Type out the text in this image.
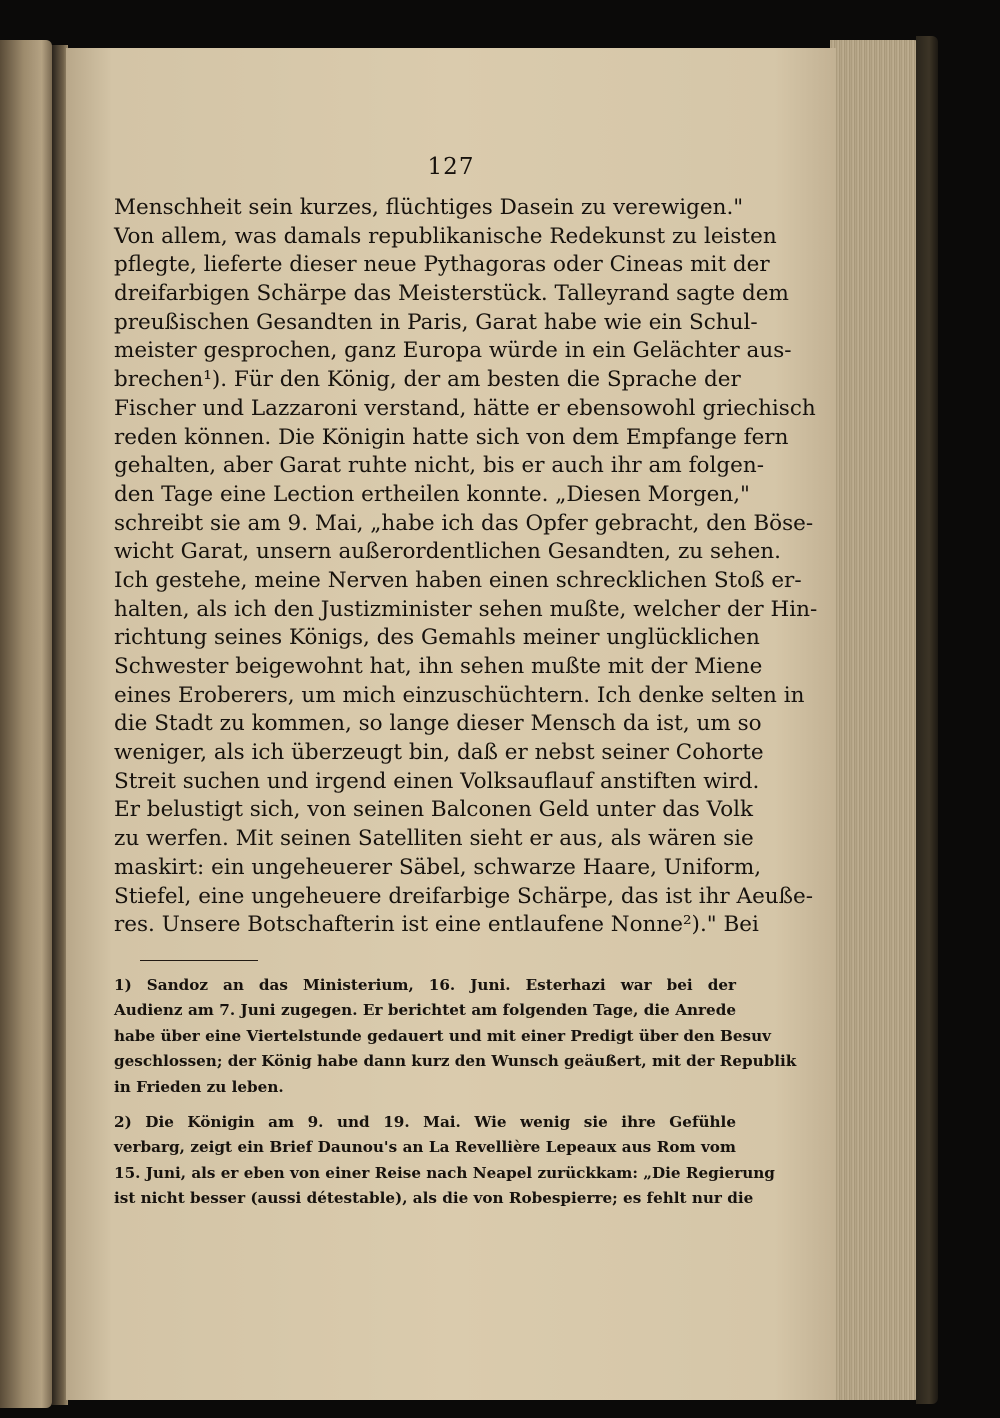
127
Menschheit sein kurzes, flüchtiges Dasein zu verewigen."
Von allem, was damals republikanische Redekunst zu leisten
pflegte, lieferte dieser neue Pythagoras oder Cineas mit der
dreifarbigen Schärpe das Meisterstück. Talleyrand sagte dem
preußischen Gesandten in Paris, Garat habe wie ein Schul-
meister gesprochen, ganz Europa würde in ein Gelächter aus-
brechen¹). Für den König, der am besten die Sprache der
Fischer und Lazzaroni verstand, hätte er ebensowohl griechisch
reden können. Die Königin hatte sich von dem Empfange fern
gehalten, aber Garat ruhte nicht, bis er auch ihr am folgen-
den Tage eine Lection ertheilen konnte. „Diesen Morgen,"
schreibt sie am 9. Mai, „habe ich das Opfer gebracht, den Böse-
wicht Garat, unsern außerordentlichen Gesandten, zu sehen.
Ich gestehe, meine Nerven haben einen schrecklichen Stoß er-
halten, als ich den Justizminister sehen mußte, welcher der Hin-
richtung seines Königs, des Gemahls meiner unglücklichen
Schwester beigewohnt hat, ihn sehen mußte mit der Miene
eines Eroberers, um mich einzuschüchtern. Ich denke selten in
die Stadt zu kommen, so lange dieser Mensch da ist, um so
weniger, als ich überzeugt bin, daß er nebst seiner Cohorte
Streit suchen und irgend einen Volksauflauf anstiften wird.
Er belustigt sich, von seinen Balconen Geld unter das Volk
zu werfen. Mit seinen Satelliten sieht er aus, als wären sie
maskirt: ein ungeheuerer Säbel, schwarze Haare, Uniform,
Stiefel, eine ungeheuere dreifarbige Schärpe, das ist ihr Aeuße-
res. Unsere Botschafterin ist eine entlaufene Nonne²)." Bei
1) Sandoz an das Ministerium, 16. Juni. Esterhazi war bei der
Audienz am 7. Juni zugegen. Er berichtet am folgenden Tage, die Anrede
habe über eine Viertelstunde gedauert und mit einer Predigt über den Besuv
geschlossen; der König habe dann kurz den Wunsch geäußert, mit der Republik
in Frieden zu leben.
2) Die Königin am 9. und 19. Mai. Wie wenig sie ihre Gefühle
verbarg, zeigt ein Brief Daunou's an La Revellière Lepeaux aus Rom vom
15. Juni, als er eben von einer Reise nach Neapel zurückkam: „Die Regierung
ist nicht besser (aussi détestable), als die von Robespierre; es fehlt nur die
